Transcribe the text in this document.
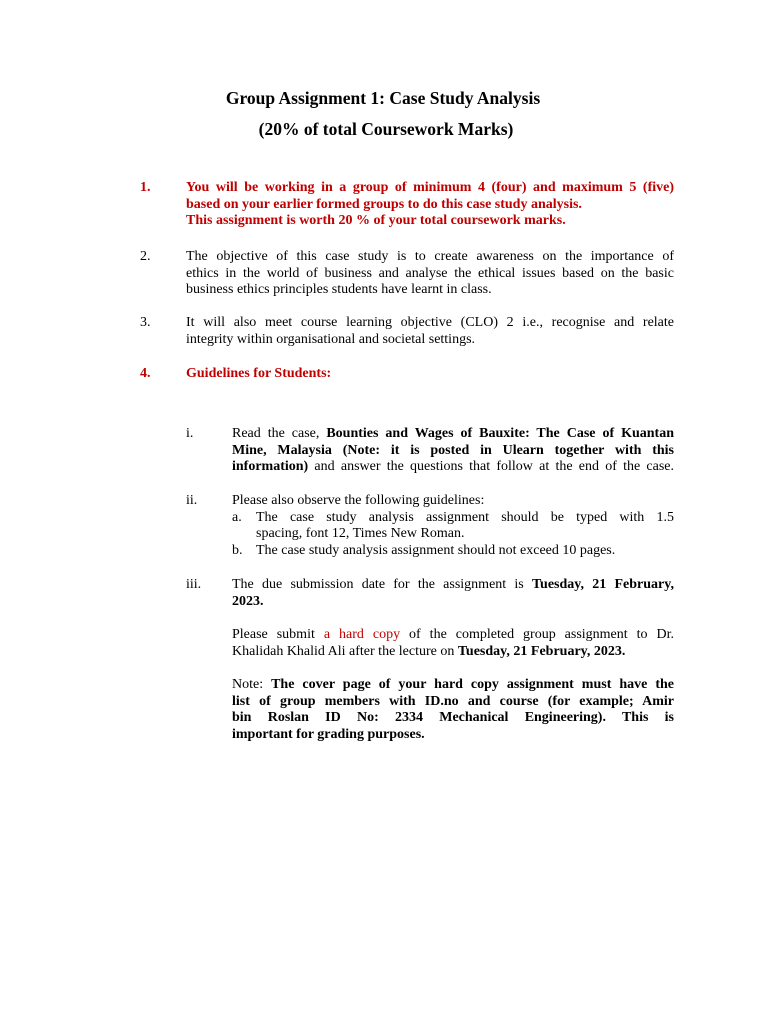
Group Assignment 1: Case Study Analysis
(20% of total Coursework Marks)
1.	You will be working in a group of minimum 4 (four) and maximum 5 (five)
based on your earlier formed groups to do this case study analysis.
This assignment is worth 20 % of your total coursework marks.
2.	The objective of this case study is to create awareness on the importance of
ethics in the world of business and analyse the ethical issues based on the basic
business ethics principles students have learnt in class.
3.	It will also meet course learning objective (CLO) 2 i.e., recognise and relate
integrity within organisational and societal settings.
4.	Guidelines for Students:
i.	Read the case, Bounties and Wages of Bauxite: The Case of Kuantan
Mine, Malaysia (Note: it is posted in Ulearn together with this
information) and answer the questions that follow at the end of the case.
ii. Please also observe the following guidelines:
a. The case study analysis assignment should be typed with 1.5
spacing, font 12, Times New Roman.
b. The case study analysis assignment should not exceed 10 pages.
iii. The due submission date for the assignment is Tuesday, 21 February,
2023.
Please submit a hard copy of the completed group assignment to Dr.
Khalidah Khalid Ali after the lecture on Tuesday, 21 February, 2023.
Note: The cover page of your hard copy assignment must have the
list of group members with ID.no and course (for example; Amir
bin Roslan ID No: 2334 Mechanical Engineering). This is
important for grading purposes.
